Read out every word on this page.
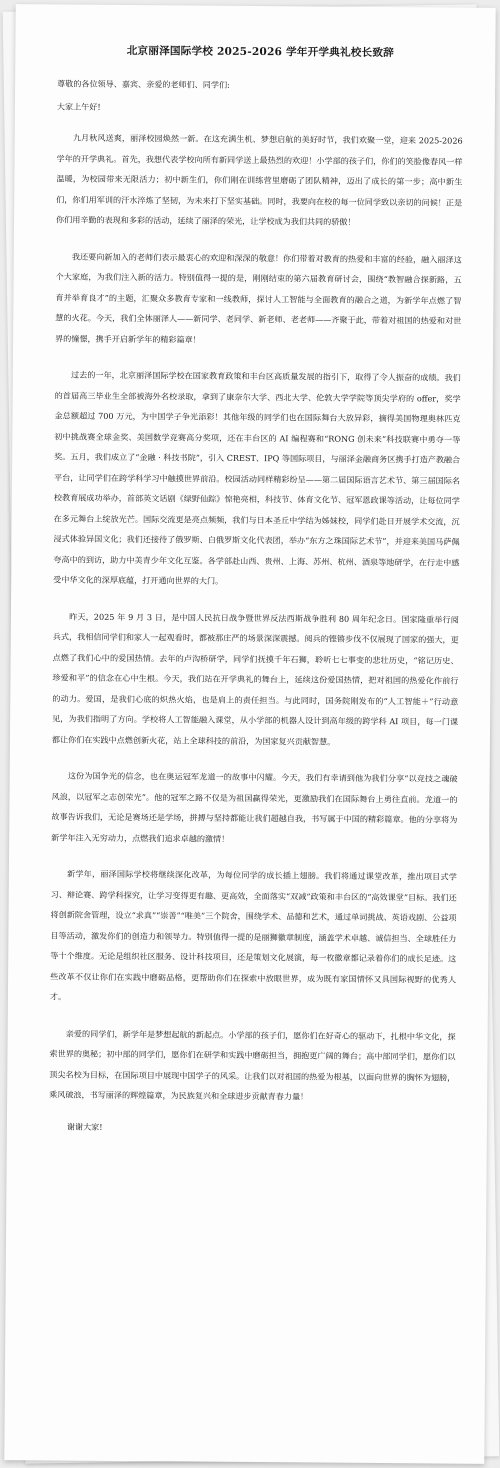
北京丽泽国际学校 2025-2026 学年开学典礼校长致辞
尊敬的各位领导、嘉宾、亲爱的老师们、同学们:
大家上午好!

九月秋风送爽，丽泽校园焕然一新。在这充满生机、梦想启航的美好时节，我们欢聚一堂，迎来 2025-2026 学年的开学典礼。首先，我想代表学校向所有新同学送上最热烈的欢迎！小学部的孩子们，你们的笑脸像春风一样温暖，为校园带来无限活力；初中新生们，你们刚在训练营里磨砺了团队精神，迈出了成长的第一步；高中新生们，你们用军训的汗水淬炼了坚韧，为未来打下坚实基础。同时，我要向在校的每一位同学致以亲切的问候！正是你们用辛勤的表现和多彩的活动，延续了丽泽的荣光，让学校成为我们共同的骄傲！

我还要向新加入的老师们表示最衷心的欢迎和深深的敬意！你们带着对教育的热爱和丰富的经验，融入丽泽这个大家庭，为我们注入新的活力。特别值得一提的是，刚刚结束的第六届教育研讨会，围绕“教智融合探新路，五育并举育良才”的主题，汇聚众多教育专家和一线教师，探讨人工智能与全面教育的融合之道，为新学年点燃了智慧的火花。今天，我们全体丽泽人——新同学、老同学、新老师、老老师——齐聚于此，带着对祖国的热爱和对世界的憧憬，携手开启新学年的精彩篇章！

过去的一年，北京丽泽国际学校在国家教育政策和丰台区高质量发展的指引下，取得了令人振奋的成绩。我们的首届高三毕业生全部被海外名校录取，拿到了康奈尔大学、西北大学、伦敦大学学院等顶尖学府的 offer，奖学金总额超过 700 万元，为中国学子争光添彩！其他年级的同学们也在国际舞台大放异彩，摘得美国物理奥林匹克初中挑战赛全球金奖、美国数学竞赛高分奖项，还在丰台区的 AI 编程赛和“RONG 创未来”科技联赛中勇夺一等奖。五月，我们成立了“金融 · 科技书院”，引入 CREST、IPQ 等国际项目，与丽泽金融商务区携手打造产教融合平台，让同学们在跨学科学习中触摸世界前沿。校园活动同样精彩纷呈——第二届国际语言艺术节、第三届国际名校教育展成功举办，首部英文话剧《绿野仙踪》惊艳亮相，科技节、体育文化节、冠军恩政课等活动，让每位同学在多元舞台上绽放光芒。国际交流更是亮点频频，我们与日本圣丘中学结为姊妹校，同学们赴日开展学术交流，沉浸式体验异国文化；我们还接待了俄罗斯、白俄罗斯文化代表团，举办“东方之珠国际艺术节”，并迎来美国马萨佩夸高中的到访，助力中美青少年文化互鉴。各学部赴山西、贵州、上海、苏州、杭州、酒泉等地研学，在行走中感受中华文化的深厚底蕴，打开通向世界的大门。

昨天，2025 年 9 月 3 日，是中国人民抗日战争暨世界反法西斯战争胜利 80 周年纪念日。国家隆重举行阅兵式，我相信同学们和家人一起观看时，都被那庄严的场景深深震撼。阅兵的铿锵步伐不仅展现了国家的强大，更点燃了我们心中的爱国热情。去年的卢沟桥研学，同学们抚摸千年石狮，聆听七七事变的悲壮历史，“铭记历史、珍爱和平”的信念在心中生根。今天，我们站在开学典礼的舞台上，延续这份爱国热情，把对祖国的热爱化作前行的动力。爱国，是我们心底的炽热火焰，也是肩上的责任担当。与此同时，国务院刚发布的“人工智能＋”行动意见，为我们指明了方向。学校将人工智能融入课堂，从小学部的机器人设计到高年级的跨学科 AI 项目，每一门课都让你们在实践中点燃创新火花，站上全球科技的前沿，为国家复兴贡献智慧。

这份为国争光的信念，也在奥运冠军龙道一的故事中闪耀。今天，我们有幸请到他为我们分享“以竞技之魂破风浪，以冠军之志创荣光”。他的冠军之路不仅是为祖国赢得荣光，更激励我们在国际舞台上勇往直前。龙道一的故事告诉我们，无论是赛场还是学场，拼搏与坚持都能让我们超越自我，书写属于中国的精彩篇章。他的分享将为新学年注入无穷动力，点燃我们追求卓越的激情！

新学年，丽泽国际学校将继续深化改革，为每位同学的成长插上翅膀。我们将通过课堂改革，推出项目式学习、辩论赛、跨学科探究，让学习变得更有趣、更高效，全面落实“双减”政策和丰台区的“高效课堂”目标。我们还将创新院舍管理，设立“求真”“崇善”“唯美”三个院舍，围绕学术、品德和艺术，通过单词挑战、英语戏剧、公益项目等活动，激发你们的创造力和领导力。特别值得一提的是丽狮徽章制度，涵盖学术卓越、诚信担当、全球胜任力等十个维度。无论是组织社区服务、设计科技项目，还是策划文化展演，每一枚徽章都记录着你们的成长足迹。这些改革不仅让你们在实践中磨砺品格，更帮助你们在探索中放眼世界，成为既有家国情怀又具国际视野的优秀人才。

亲爱的同学们，新学年是梦想起航的新起点。小学部的孩子们，愿你们在好奇心的驱动下，扎根中华文化，探索世界的奥秘；初中部的同学们，愿你们在研学和实践中磨砺担当，拥抱更广阔的舞台；高中部同学们，愿你们以顶尖名校为目标，在国际项目中展现中国学子的风采。让我们以对祖国的热爱为根基，以面向世界的胸怀为翅膀，乘风破浪，书写丽泽的辉煌篇章，为民族复兴和全球进步贡献青春力量！

谢谢大家!
